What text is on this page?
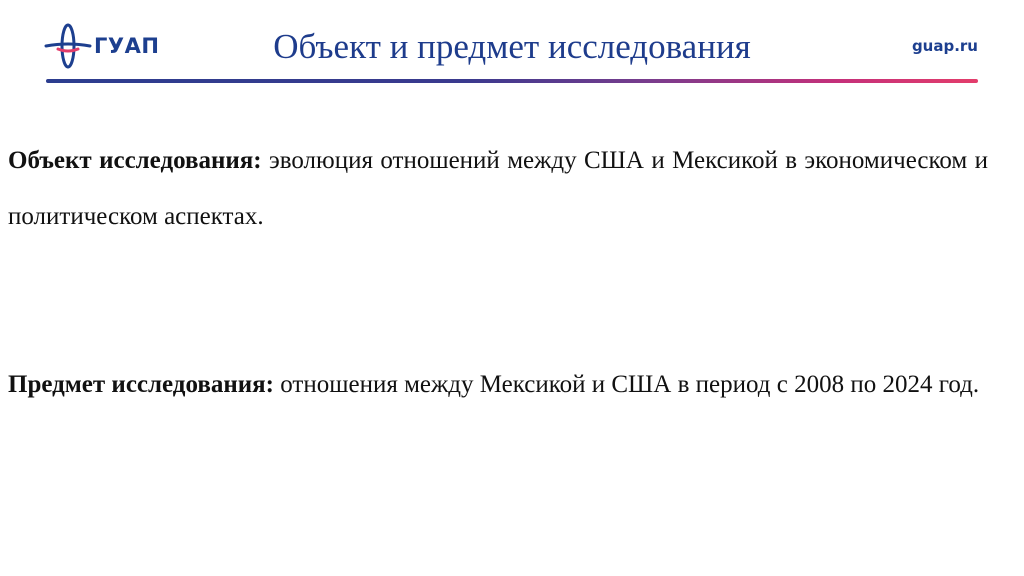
ГУАП	Объект и предмет исследования	guap.ru

Объект исследования: эволюция отношений между США и Мексикой в экономическом и политическом аспектах.

Предмет исследования: отношения между Мексикой и США в период с 2008 по 2024 год.
